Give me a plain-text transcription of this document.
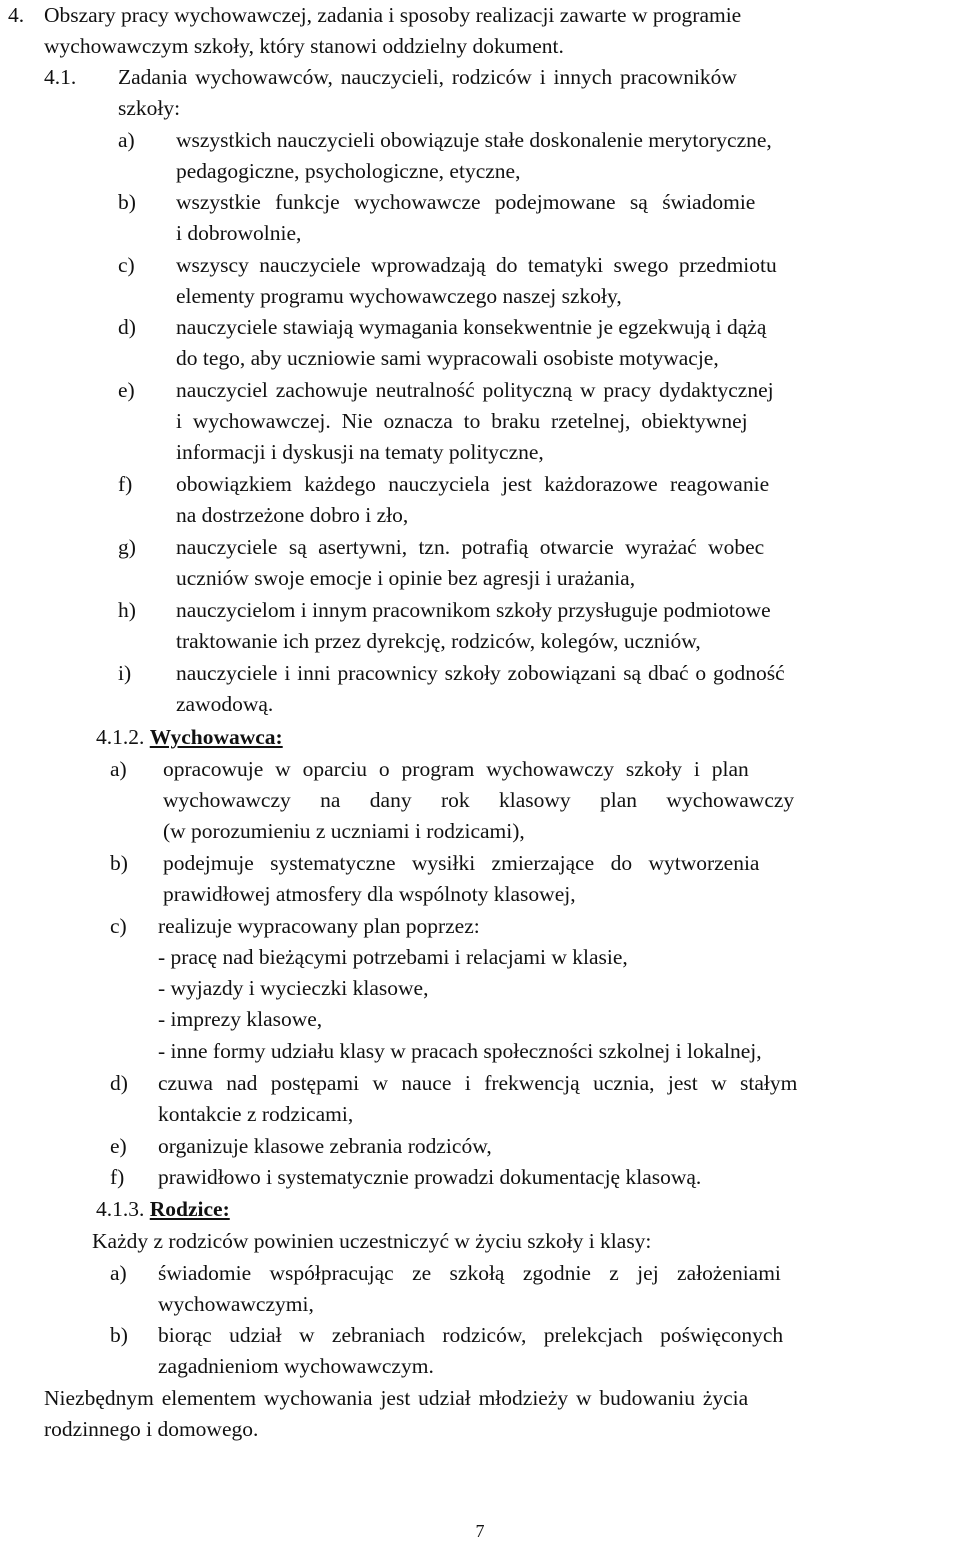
4. Obszary pracy wychowawczej, zadania i sposoby realizacji zawarte w programie
wychowawczym szkoły, który stanowi oddzielny dokument.
4.1. Zadania wychowawców, nauczycieli, rodziców i innych pracowników
szkoły:
a) wszystkich nauczycieli obowiązuje stałe doskonalenie merytoryczne,
pedagogiczne, psychologiczne, etyczne,
b) wszystkie funkcje wychowawcze podejmowane są świadomie
i dobrowolnie,
c) wszyscy nauczyciele wprowadzają do tematyki swego przedmiotu
elementy programu wychowawczego naszej szkoły,
d) nauczyciele stawiają wymagania konsekwentnie je egzekwują i dążą
do tego, aby uczniowie sami wypracowali osobiste motywacje,
e) nauczyciel zachowuje neutralność polityczną w pracy dydaktycznej
i wychowawczej. Nie oznacza to braku rzetelnej, obiektywnej
informacji i dyskusji na tematy polityczne,
f) obowiązkiem każdego nauczyciela jest każdorazowe reagowanie
na dostrzeżone dobro i zło,
g) nauczyciele są asertywni, tzn. potrafią otwarcie wyrażać wobec
uczniów swoje emocje i opinie bez agresji i urażania,
h) nauczycielom i innym pracownikom szkoły przysługuje podmiotowe
traktowanie ich przez dyrekcję, rodziców, kolegów, uczniów,
i) nauczyciele i inni pracownicy szkoły zobowiązani są dbać o godność
zawodową.
4.1.2. Wychowawca:
a) opracowuje w oparciu o program wychowawczy szkoły i plan
wychowawczy na dany rok klasowy plan wychowawczy
(w porozumieniu z uczniami i rodzicami),
b) podejmuje systematyczne wysiłki zmierzające do wytworzenia
prawidłowej atmosfery dla wspólnoty klasowej,
c) realizuje wypracowany plan poprzez:
- pracę nad bieżącymi potrzebami i relacjami w klasie,
- wyjazdy i wycieczki klasowe,
- imprezy klasowe,
- inne formy udziału klasy w pracach społeczności szkolnej i lokalnej,
d) czuwa nad postępami w nauce i frekwencją ucznia, jest w stałym
kontakcie z rodzicami,
e) organizuje klasowe zebrania rodziców,
f) prawidłowo i systematycznie prowadzi dokumentację klasową.
4.1.3. Rodzice:
Każdy z rodziców powinien uczestniczyć w życiu szkoły i klasy:
a) świadomie współpracując ze szkołą zgodnie z jej założeniami
wychowawczymi,
b) biorąc udział w zebraniach rodziców, prelekcjach poświęconych
zagadnieniom wychowawczym.
Niezbędnym elementem wychowania jest udział młodzieży w budowaniu życia
rodzinnego i domowego.
7
